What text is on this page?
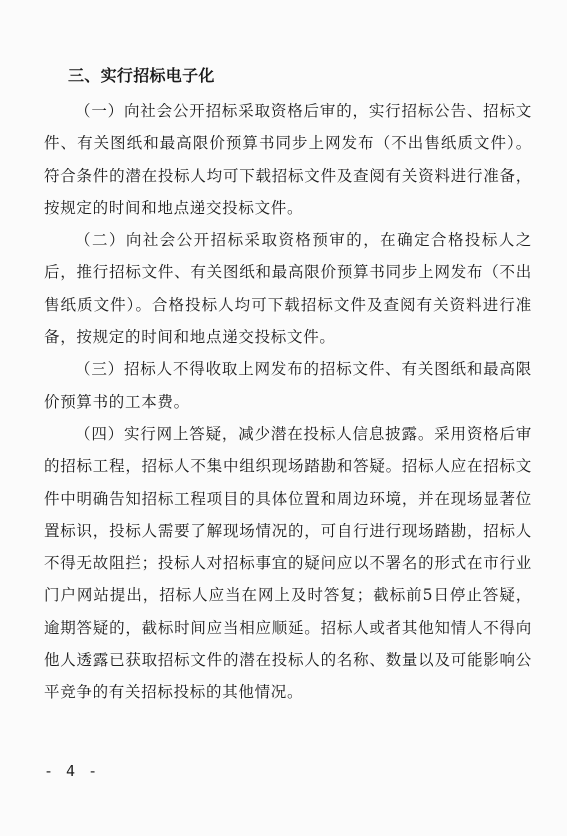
三、实行招标电子化

（一）向社会公开招标采取资格后审的，实行招标公告、招标文件、有关图纸和最高限价预算书同步上网发布（不出售纸质文件）。符合条件的潜在投标人均可下载招标文件及查阅有关资料进行准备，按规定的时间和地点递交投标文件。

（二）向社会公开招标采取资格预审的，在确定合格投标人之后，推行招标文件、有关图纸和最高限价预算书同步上网发布（不出售纸质文件）。合格投标人均可下载招标文件及查阅有关资料进行准备，按规定的时间和地点递交投标文件。

（三）招标人不得收取上网发布的招标文件、有关图纸和最高限价预算书的工本费。

（四）实行网上答疑，减少潜在投标人信息披露。采用资格后审的招标工程，招标人不集中组织现场踏勘和答疑。招标人应在招标文件中明确告知招标工程项目的具体位置和周边环境，并在现场显著位置标识，投标人需要了解现场情况的，可自行进行现场踏勘，招标人不得无故阻拦；投标人对招标事宜的疑问应以不署名的形式在市行业门户网站提出，招标人应当在网上及时答复；截标前5日停止答疑，逾期答疑的，截标时间应当相应顺延。招标人或者其他知情人不得向他人透露已获取招标文件的潜在投标人的名称、数量以及可能影响公平竞争的有关招标投标的其他情况。

- 4 -
